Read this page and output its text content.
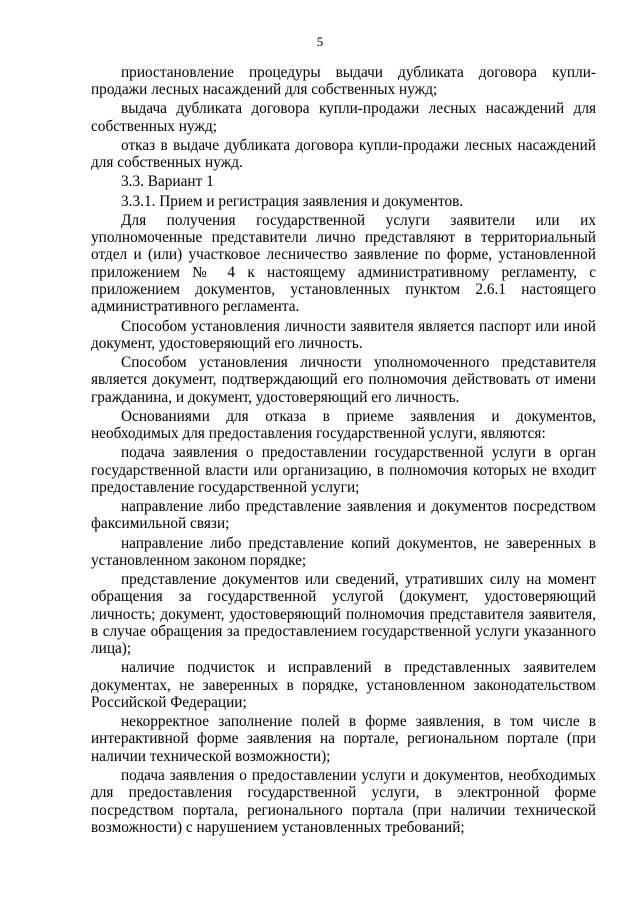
5

приостановление процедуры выдачи дубликата договора купли-продажи лесных насаждений для собственных нужд;

выдача дубликата договора купли-продажи лесных насаждений для собственных нужд;

отказ в выдаче дубликата договора купли-продажи лесных насаждений для собственных нужд.

3.3. Вариант 1

3.3.1. Прием и регистрация заявления и документов.

Для получения государственной услуги заявители или их уполномоченные представители лично представляют в территориальный отдел и (или) участковое лесничество заявление по форме, установленной приложением № 4 к настоящему административному регламенту, с приложением документов, установленных пунктом 2.6.1 настоящего административного регламента.

Способом установления личности заявителя является паспорт или иной документ, удостоверяющий его личность.

Способом установления личности уполномоченного представителя является документ, подтверждающий его полномочия действовать от имени гражданина, и документ, удостоверяющий его личность.

Основаниями для отказа в приеме заявления и документов, необходимых для предоставления государственной услуги, являются:

подача заявления о предоставлении государственной услуги в орган государственной власти или организацию, в полномочия которых не входит предоставление государственной услуги;

направление либо представление заявления и документов посредством факсимильной связи;

направление либо представление копий документов, не заверенных в установленном законом порядке;

представление документов или сведений, утративших силу на момент обращения за государственной услугой (документ, удостоверяющий личность; документ, удостоверяющий полномочия представителя заявителя, в случае обращения за предоставлением государственной услуги указанного лица);

наличие подчисток и исправлений в представленных заявителем документах, не заверенных в порядке, установленном законодательством Российской Федерации;

некорректное заполнение полей в форме заявления, в том числе в интерактивной форме заявления на портале, региональном портале (при наличии технической возможности);

подача заявления о предоставлении услуги и документов, необходимых для предоставления государственной услуги, в электронной форме посредством портала, регионального портала (при наличии технической возможности) с нарушением установленных требований;
